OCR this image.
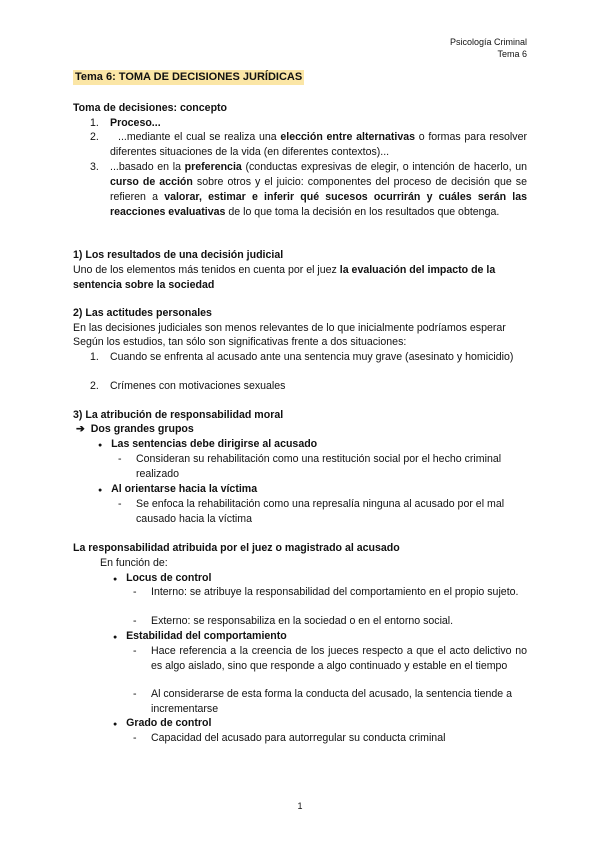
Psicología Criminal
Tema 6
Tema 6: TOMA DE DECISIONES JURÍDICAS
Toma de decisiones: concepto
1. Proceso...
2.	...mediante el cual se realiza una elección entre alternativas o formas para resolver diferentes situaciones de la vida (en diferentes contextos)...
3. ...basado en la preferencia (conductas expresivas de elegir, o intención de hacerlo, un curso de acción sobre otros y el juicio: componentes del proceso de decisión que se refieren a valorar, estimar e inferir qué sucesos ocurrirán y cuáles serán las reacciones evaluativas de lo que toma la decisión en los resultados que obtenga.
1) Los resultados de una decisión judicial
Uno de los elementos más tenidos en cuenta por el juez la evaluación del impacto de la sentencia sobre la sociedad
2) Las actitudes personales
En las decisiones judiciales son menos relevantes de lo que inicialmente podríamos esperar
Según los estudios, tan sólo son significativas frente a dos situaciones:
1. Cuando se enfrenta al acusado ante una sentencia muy grave (asesinato y homicidio)
2. Crímenes con motivaciones sexuales
3) La atribución de responsabilidad moral
➔ Dos grandes grupos
● Las sentencias debe dirigirse al acusado
- Consideran su rehabilitación como una restitución social por el hecho criminal realizado
● Al orientarse hacia la víctima
- Se enfoca la rehabilitación como una represalía ninguna al acusado por el mal causado hacia la víctima
La responsabilidad atribuida por el juez o magistrado al acusado
En función de:
● Locus de control
- Interno: se atribuye la responsabilidad del comportamiento en el propio sujeto.
- Externo: se responsabiliza en la sociedad o en el entorno social.
● Estabilidad del comportamiento
- Hace referencia a la creencia de los jueces respecto a que el acto delictivo no es algo aislado, sino que responde a algo continuado y estable en el tiempo
- Al considerarse de esta forma la conducta del acusado, la sentencia tiende a incrementarse
● Grado de control
- Capacidad del acusado para autorregular su conducta criminal
1
